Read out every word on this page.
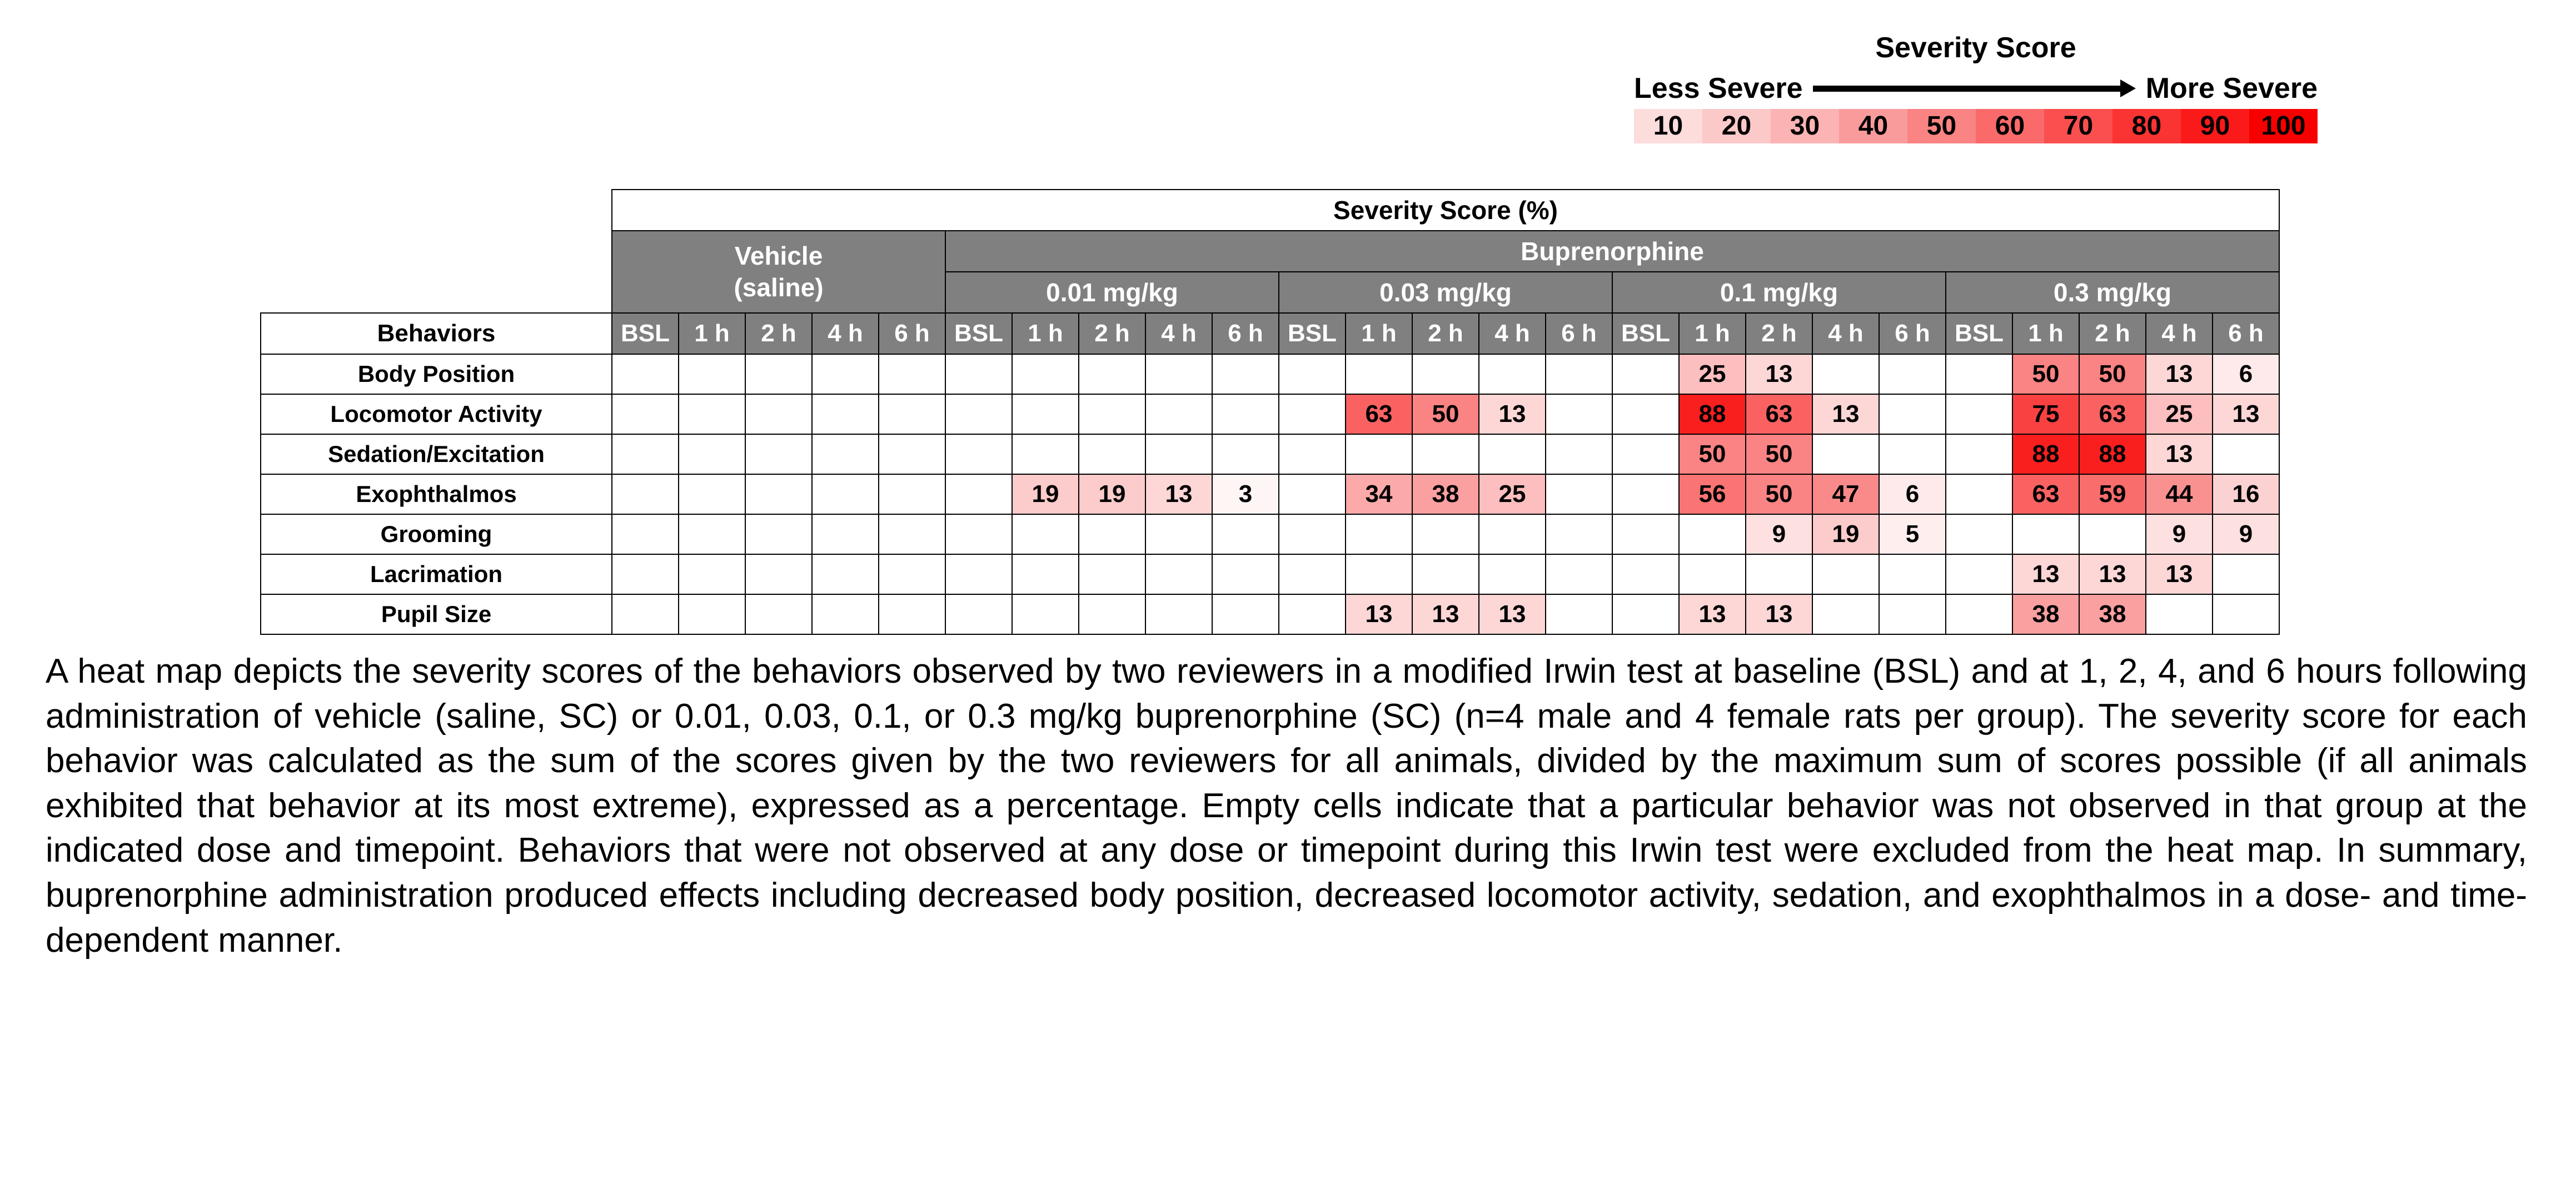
Severity Score
Less Severe	More Severe
10	20	30	40	50	60	70	80	90	100
	Severity Score (%)																								

	Vehicle
(saline)					Buprenorphine																			
						0.01 mg/kg					0.03 mg/kg					0.1 mg/kg					0.3 mg/kg				
Behaviors	BSL	1 h	2 h	4 h	6 h	BSL	1 h	2 h	4 h	6 h	BSL	1 h	2 h	4 h	6 h	BSL	1 h	2 h	4 h	6 h	BSL	1 h	2 h	4 h	6 h
Body Position																	25	13				50	50	13	6
Locomotor Activity												63	50	13			88	63	13			75	63	25	13
Sedation/Excitation																	50	50				88	88	13	
Exophthalmos							19	19	13	3		34	38	25			56	50	47	6		63	59	44	16
Grooming																		9	19	5				9	9
Lacrimation																						13	13	13	
Pupil Size												13	13	13			13	13				38	38		
A heat map depicts the severity scores of the behaviors observed by two reviewers in a modified Irwin test at baseline (BSL) and at 1, 2, 4, and 6 hours following administration of vehicle (saline, SC) or 0.01, 0.03, 0.1, or 0.3 mg/kg buprenorphine (SC) (n=4 male and 4 female rats per group). The severity score for each behavior was calculated as the sum of the scores given by the two reviewers for all animals, divided by the maximum sum of scores possible (if all animals exhibited that behavior at its most extreme), expressed as a percentage. Empty cells indicate that a particular behavior was not observed in that group at the indicated dose and timepoint. Behaviors that were not observed at any dose or timepoint during this Irwin test were excluded from the heat map. In summary, buprenorphine administration produced effects including decreased body position, decreased locomotor activity, sedation, and exophthalmos in a dose- and time-dependent manner.
